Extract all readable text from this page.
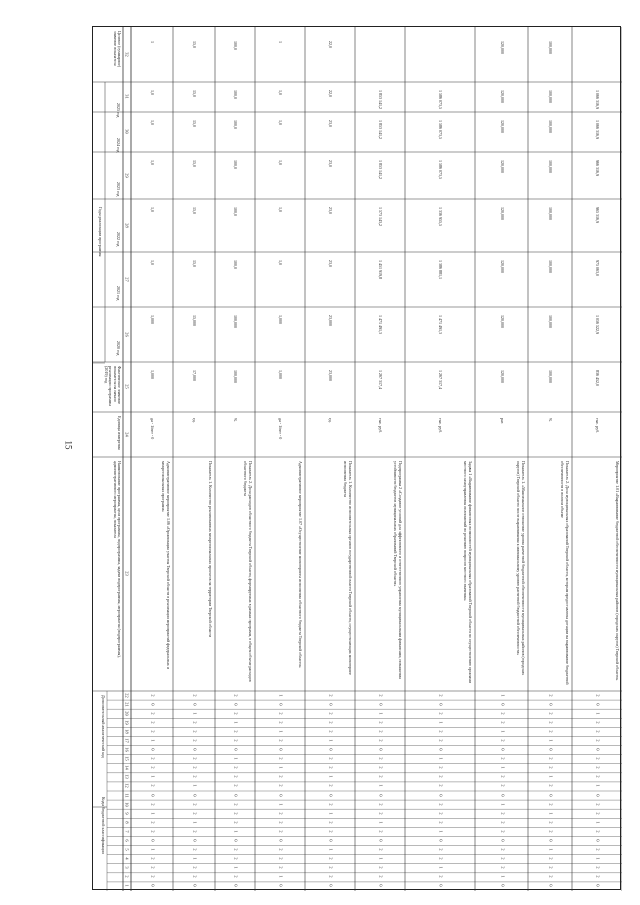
15
Коды бюджетной классификации
Дополнительный аналитический код
Наименование программы, цели программы, подпрограммы, задачи подпрограммы, мероприятия (подпрограммы), административного мероприятия, показателя
Единица измерения
Фактическое значение показателя на начало реализации программы (2019) год
Годы реализации программы
2020 год
2021 год
2022 год
2023 год
2024 год
2025 год
Целевое (суммарное) значение показателя
1
2
3
4
5
6
7
8
9
10
11
12
13
14
15
16
17
18
19
20
21
22
23
24
25
26
27
28
29
30
31
32
Административное мероприятие 1.06 «Организация участия Тверской области в реализации мероприятий федеральных и межрегиональных программ»
да - 1/нет - 0
1,000
1,000
1,0
1,0
1,0
1,0
1,0
1
0
2
2
2
1
0
2
2
1
2
0
2
1
2
2
0
1
2
2
2
0
2
Показатель 1. Количество реализованных межрегиональных проектов на территории Тверской области
ед.
17,000
15,000
15,0
15,0
15,0
15,0
15,0
15,0
0
2
2
1
2
0
2
1
2
2
0
1
2
2
2
0
2
2
2
1
0
2
Показатель 2. Доля расходов областного бюджета Тверской области, формируемых в рамках программ, в общем объеме расходов областного бюджета
%
100,000
100,000
100,0
100,0
100,0
100,0
100,0
100,0
0
2
1
2
2
0
1
2
2
2
0
2
2
2
1
0
2
2
1
2
0
2
Административное мероприятие 1.07 «Осуществление мониторинга исполнения областного бюджета Тверской области»
да - 1/нет - 0
1,000
1,000
1,0
1,0
1,0
1,0
1,0
1
0
1
2
2
2
0
2
2
2
1
0
2
2
1
2
0
2
1
2
2
0
1
Показатель 1. Количество исполнительных органов государственной власти Тверской области, осуществляющих мониторинг исполнения бюджета
ед.
23,000
23,000
23,0
23,0
23,0
23,0
22,0
22,0
0
2
2
2
1
0
2
2
1
2
0
2
1
2
2
0
1
2
2
2
0
2
Подпрограмма 2 «Создание условий для эффективного и ответственного управления муниципальными финансами, повышения устойчивости бюджетов муниципальных образований Тверской области»
тыс. руб.
1 267 317,4
1 471 491,3
1 451 919,8
1 573 143,2
1 853 141,2
1 853 141,2
1 853 141,2
0
2
2
1
2
0
2
1
2
2
0
1
2
2
2
0
2
2
2
1
0
2
Задача 1 «Выравнивание финансовых возможностей муниципальных образований Тверской области по осуществлению органами местного самоуправления полномочий по решению вопросов местного значения»
тыс. руб.
1 267 317,4
1 471 491,3
1 386 881,1
1 336 955,5
1 586 073,5
1 586 073,5
1 586 073,5
0
2
1
2
2
0
1
2
2
2
0
2
2
2
1
0
2
2
1
2
0
2
Показатель 1. «Максимальное отношение уровня расчетной бюджетной обеспеченности муниципальных районов (городских округов) Тверской области после выравнивания к минимальному уровню расчетной бюджетной обеспеченности»
раз
120,000
120,000
120,000
120,000
120,000
120,000
120,000
120,000
0
1
2
2
2
0
2
2
2
1
0
2
2
1
2
0
2
1
2
2
0
1
Показатель 2. Доля муниципальных образований Тверской области, которым предоставлены дотации на выравнивание бюджетной обеспеченности в полном объеме
%
100,000
100,000
100,000
100,000
100,000
100,000
100,000
100,000
0
2
2
2
1
0
2
2
1
2
0
2
1
2
2
0
1
2
2
2
0
2
Мероприятие 1.01 «Выравнивание бюджетной обеспеченности муниципальных районов (городских округов) Тверской области»
тыс. руб.
836 452,0
1 056 522,9
975 063,0
965 316,9
966 316,9
1 066 316,9
1 066 316,9
0
2
2
1
2
0
2
1
2
2
0
1
2
2
2
0
2
2
2
1
0
2
